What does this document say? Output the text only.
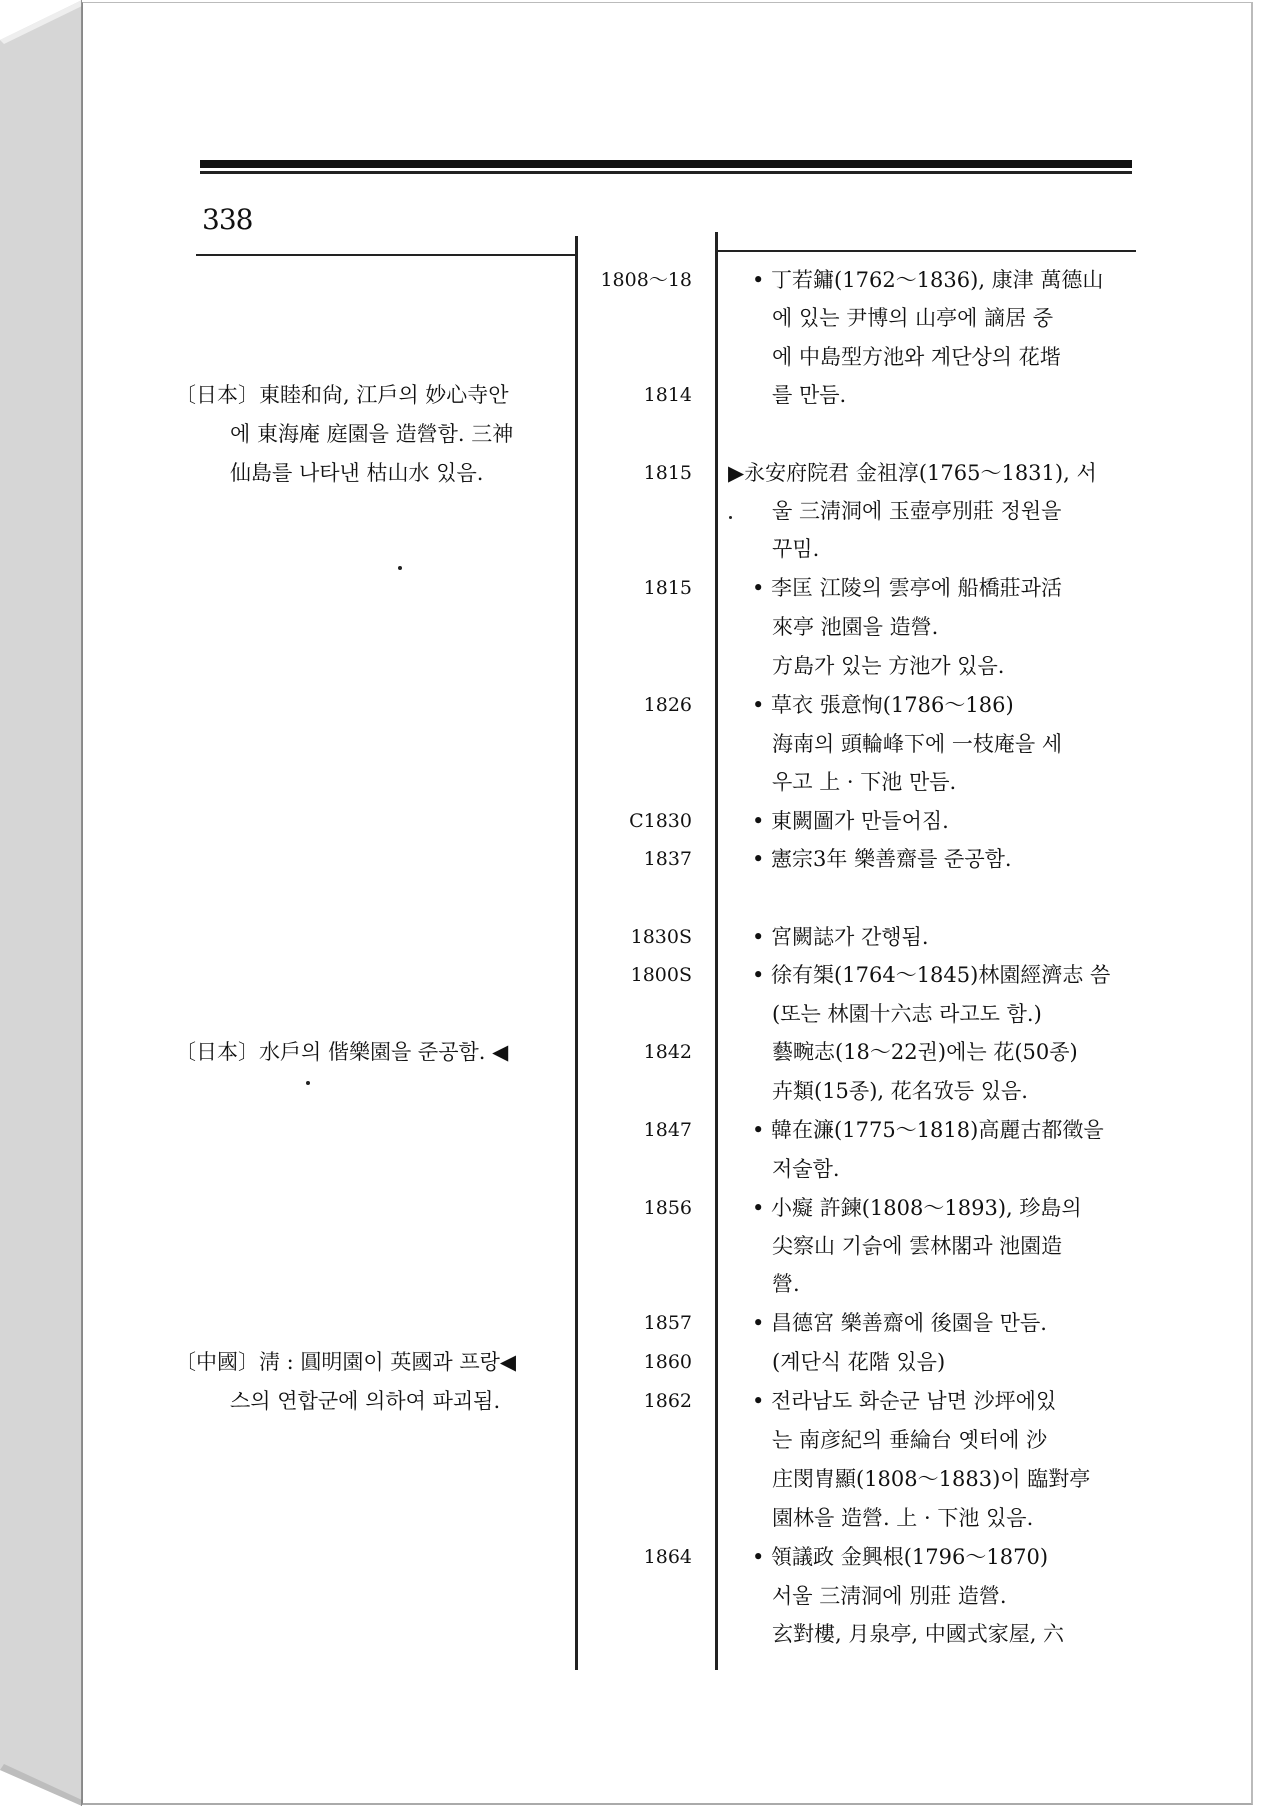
338
〔日本〕東睦和尙, 江戶의 妙心寺안
에 東海庵 庭園을 造營함. 三神
仙島를 나타낸 枯山水 있음.
〔日本〕水戶의 偕樂園을 준공함. ◀
〔中國〕淸 : 圓明園이 英國과 프랑◀
스의 연합군에 의하여 파괴됨.
1808～18
1814
1815
1815
1826
C1830
1837
1830S
1800S
1842
1847
1856
1857
1860
1862
1864
• 丁若鏞(1762～1836), 康津 萬德山
에 있는 尹博의 山亭에 謫居 중
에 中島型方池와 계단상의 花堦
를 만듬.
▶永安府院君 金祖淳(1765～1831), 서
울 三淸洞에 玉壺亭別莊 정원을
꾸밈.
• 李匡 江陵의 雲亭에 船橋莊과活
來亭 池園을 造營.
方島가 있는 方池가 있음.
• 草衣 張意恂(1786～186)
海南의 頭輪峰下에 一枝庵을 세
우고 上 · 下池 만듬.
• 東闕圖가 만들어짐.
• 憲宗3年 樂善齋를 준공함.
• 宮闕誌가 간행됨.
• 徐有榘(1764～1845)林園經濟志 씀
(또는 林園十六志 라고도 함.)
藝畹志(18～22권)에는 花(50종)
卉類(15종), 花名攷등 있음.
• 韓在濂(1775～1818)高麗古都徵을
저술함.
• 小癡 許鍊(1808～1893), 珍島의
尖察山 기슭에 雲林閣과 池園造
營.
• 昌德宮 樂善齋에 後園을 만듬.
(계단식 花階 있음)
• 전라남도 화순군 남면 沙坪에있
는 南彦紀의 垂綸台 옛터에 沙
庄閔胄顯(1808～1883)이 臨對亭
園林을 造營. 上 · 下池 있음.
• 領議政 金興根(1796～1870)
서울 三淸洞에 別莊 造營.
玄對樓, 月泉亭, 中國式家屋, 六
